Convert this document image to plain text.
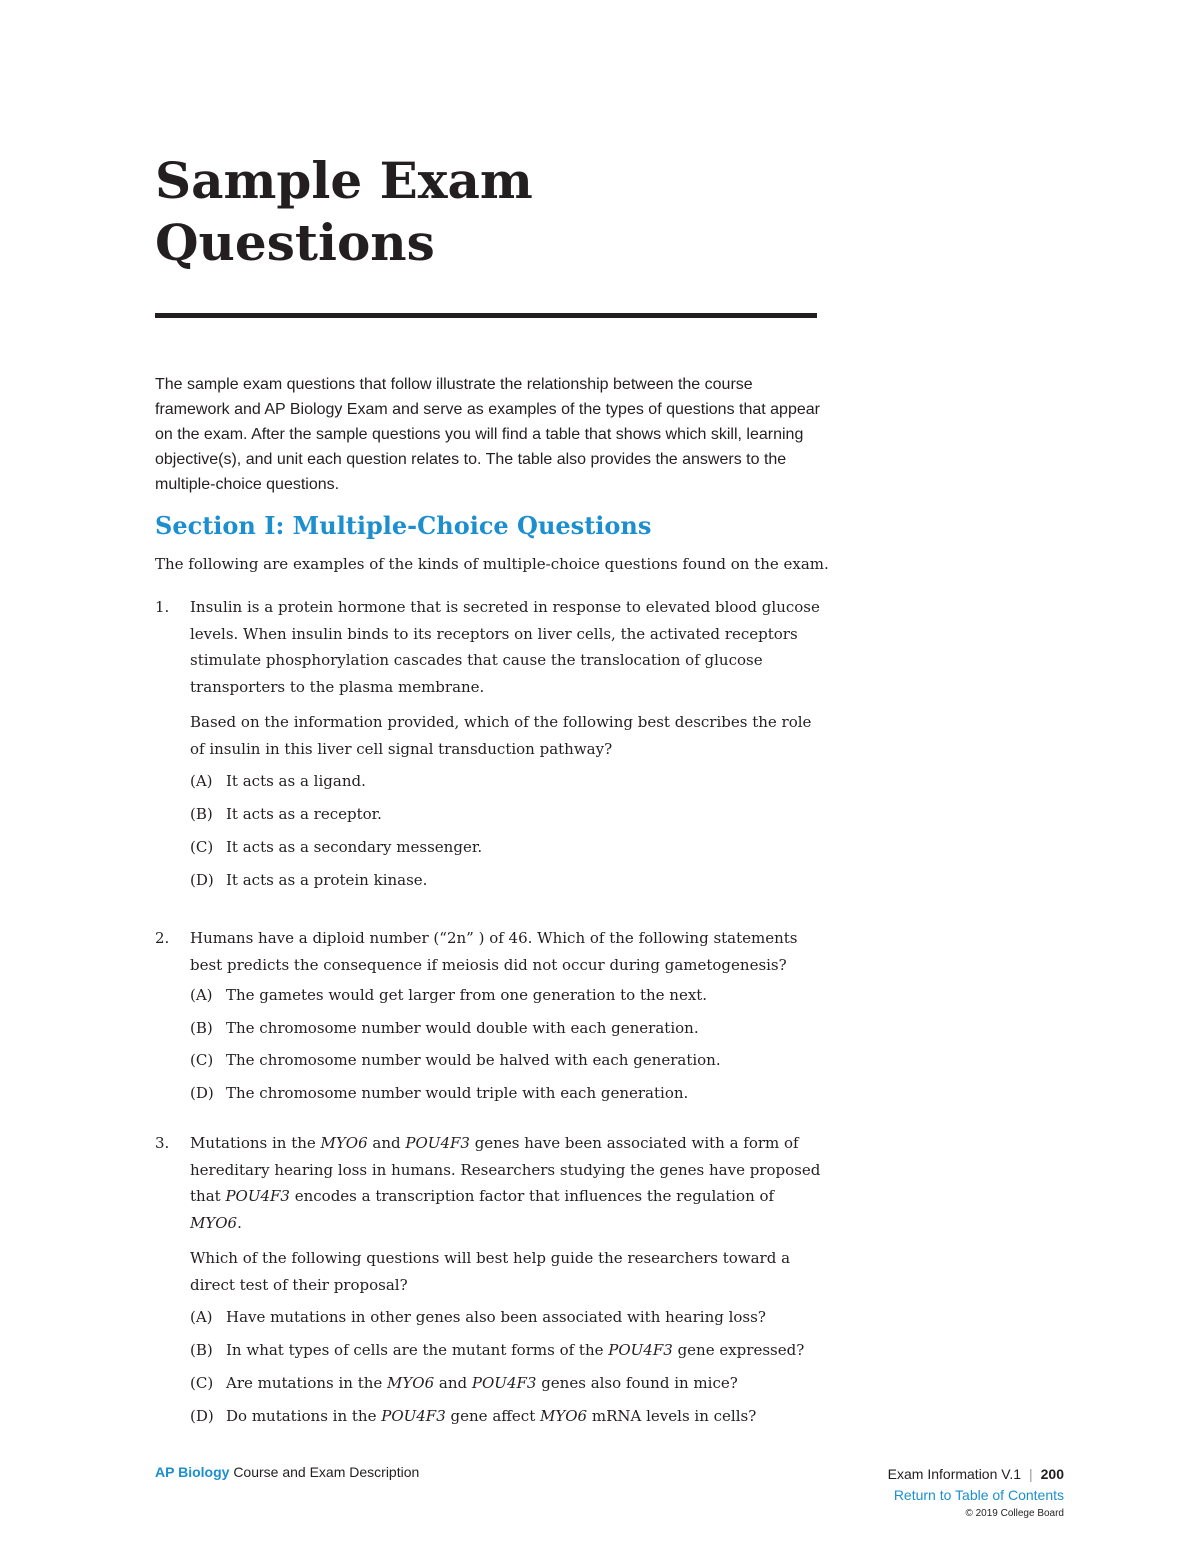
Sample Exam
Questions

The sample exam questions that follow illustrate the relationship between the course framework and AP Biology Exam and serve as examples of the types of questions that appear on the exam. After the sample questions you will find a table that shows which skill, learning objective(s), and unit each question relates to. The table also provides the answers to the multiple-choice questions.

Section I: Multiple-Choice Questions

The following are examples of the kinds of multiple-choice questions found on the exam.

1. Insulin is a protein hormone that is secreted in response to elevated blood glucose levels. When insulin binds to its receptors on liver cells, the activated receptors stimulate phosphorylation cascades that cause the translocation of glucose transporters to the plasma membrane.

Based on the information provided, which of the following best describes the role of insulin in this liver cell signal transduction pathway?

(A) It acts as a ligand.
(B) It acts as a receptor.
(C) It acts as a secondary messenger.
(D) It acts as a protein kinase.
2. Humans have a diploid number (“2n” ) of 46. Which of the following statements best predicts the consequence if meiosis did not occur during gametogenesis?

(A) The gametes would get larger from one generation to the next.
(B) The chromosome number would double with each generation.
(C) The chromosome number would be halved with each generation.
(D) The chromosome number would triple with each generation.
3. Mutations in the MYO6 and POU4F3 genes have been associated with a form of hereditary hearing loss in humans. Researchers studying the genes have proposed that POU4F3 encodes a transcription factor that influences the regulation of MYO6.

Which of the following questions will best help guide the researchers toward a direct test of their proposal?

(A) Have mutations in other genes also been associated with hearing loss?
(B) In what types of cells are the mutant forms of the POU4F3 gene expressed?
(C) Are mutations in the MYO6 and POU4F3 genes also found in mice?
(D) Do mutations in the POU4F3 gene affect MYO6 mRNA levels in cells?
AP Biology Course and Exam Description	Exam Information V.1 | 200
Return to Table of Contents
© 2019 College Board
